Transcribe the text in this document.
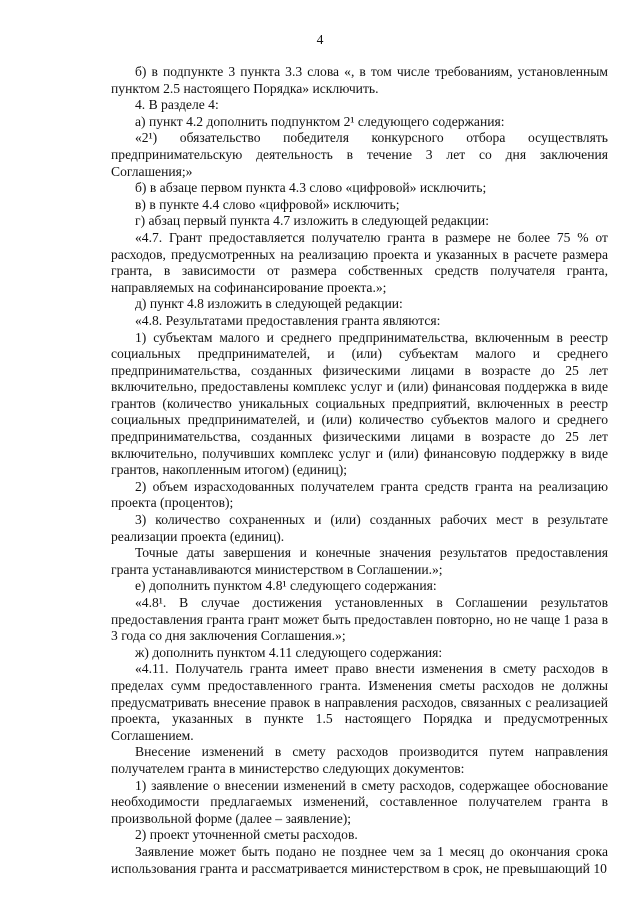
4

б) в подпункте 3 пункта 3.3 слова «, в том числе требованиям, установленным пунктом 2.5 настоящего Порядка» исключить.

4. В разделе 4:

а) пункт 4.2 дополнить подпунктом 2¹ следующего содержания:

«2¹) обязательство победителя конкурсного отбора осуществлять предпринимательскую деятельность в течение 3 лет со дня заключения Соглашения;»

б) в абзаце первом пункта 4.3 слово «цифровой» исключить;

в) в пункте 4.4 слово «цифровой» исключить;

г) абзац первый пункта 4.7 изложить в следующей редакции:

«4.7. Грант предоставляется получателю гранта в размере не более 75 % от расходов, предусмотренных на реализацию проекта и указанных в расчете размера гранта, в зависимости от размера собственных средств получателя гранта, направляемых на софинансирование проекта.»;

д) пункт 4.8 изложить в следующей редакции:

«4.8. Результатами предоставления гранта являются:

1) субъектам малого и среднего предпринимательства, включенным в реестр социальных предпринимателей, и (или) субъектам малого и среднего предпринимательства, созданных физическими лицами в возрасте до 25 лет включительно, предоставлены комплекс услуг и (или) финансовая поддержка в виде грантов (количество уникальных социальных предприятий, включенных в реестр социальных предпринимателей, и (или) количество субъектов малого и среднего предпринимательства, созданных физическими лицами в возрасте до 25 лет включительно, получивших комплекс услуг и (или) финансовую поддержку в виде грантов, накопленным итогом) (единиц);

2) объем израсходованных получателем гранта средств гранта на реализацию проекта (процентов);

3) количество сохраненных и (или) созданных рабочих мест в результате реализации проекта (единиц).

Точные даты завершения и конечные значения результатов предоставления гранта устанавливаются министерством в Соглашении.»;

е) дополнить пунктом 4.8¹ следующего содержания:

«4.8¹. В случае достижения установленных в Соглашении результатов предоставления гранта грант может быть предоставлен повторно, но не чаще 1 раза в 3 года со дня заключения Соглашения.»;

ж) дополнить пунктом 4.11 следующего содержания:

«4.11. Получатель гранта имеет право внести изменения в смету расходов в пределах сумм предоставленного гранта. Изменения сметы расходов не должны предусматривать внесение правок в направления расходов, связанных с реализацией проекта, указанных в пункте 1.5 настоящего Порядка и предусмотренных Соглашением.

Внесение изменений в смету расходов производится путем направления получателем гранта в министерство следующих документов:

1) заявление о внесении изменений в смету расходов, содержащее обоснование необходимости предлагаемых изменений, составленное получателем гранта в произвольной форме (далее – заявление);

2) проект уточненной сметы расходов.

Заявление может быть подано не позднее чем за 1 месяц до окончания срока использования гранта и рассматривается министерством в срок, не превышающий 10
